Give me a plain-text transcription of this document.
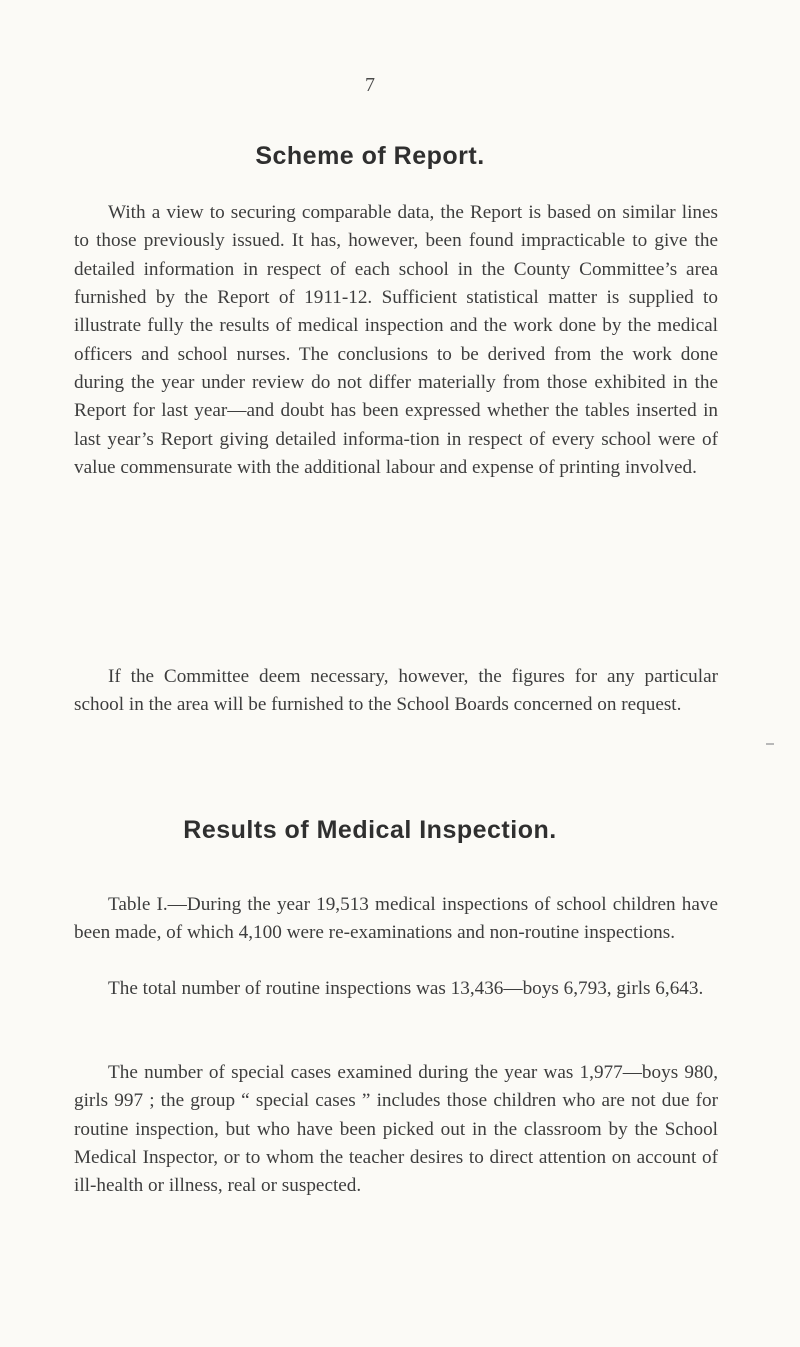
7
Scheme of Report.

With a view to securing comparable data, the Report is based on similar lines to those previously issued. It has, however, been found impracticable to give the detailed information in respect of each school in the County Committee’s area furnished by the Report of 1911-12. Sufficient statistical matter is supplied to illustrate fully the results of medical inspection and the work done by the medical officers and school nurses. The conclusions to be derived from the work done during the year under review do not differ materially from those exhibited in the Report for last year—and doubt has been expressed whether the tables inserted in last year’s Report giving detailed informa-tion in respect of every school were of value commensurate with the additional labour and expense of printing involved.

If the Committee deem necessary, however, the figures for any particular school in the area will be furnished to the School Boards concerned on request.

Results of Medical Inspection.

Table I.—During the year 19,513 medical inspections of school children have been made, of which 4,100 were re-examinations and non-routine inspections.

The total number of routine inspections was 13,436—boys 6,793, girls 6,643.

The number of special cases examined during the year was 1,977—boys 980, girls 997 ; the group “ special cases ” includes those children who are not due for routine inspection, but who have been picked out in the classroom by the School Medical Inspector, or to whom the teacher desires to direct attention on account of ill-health or illness, real or suspected.
